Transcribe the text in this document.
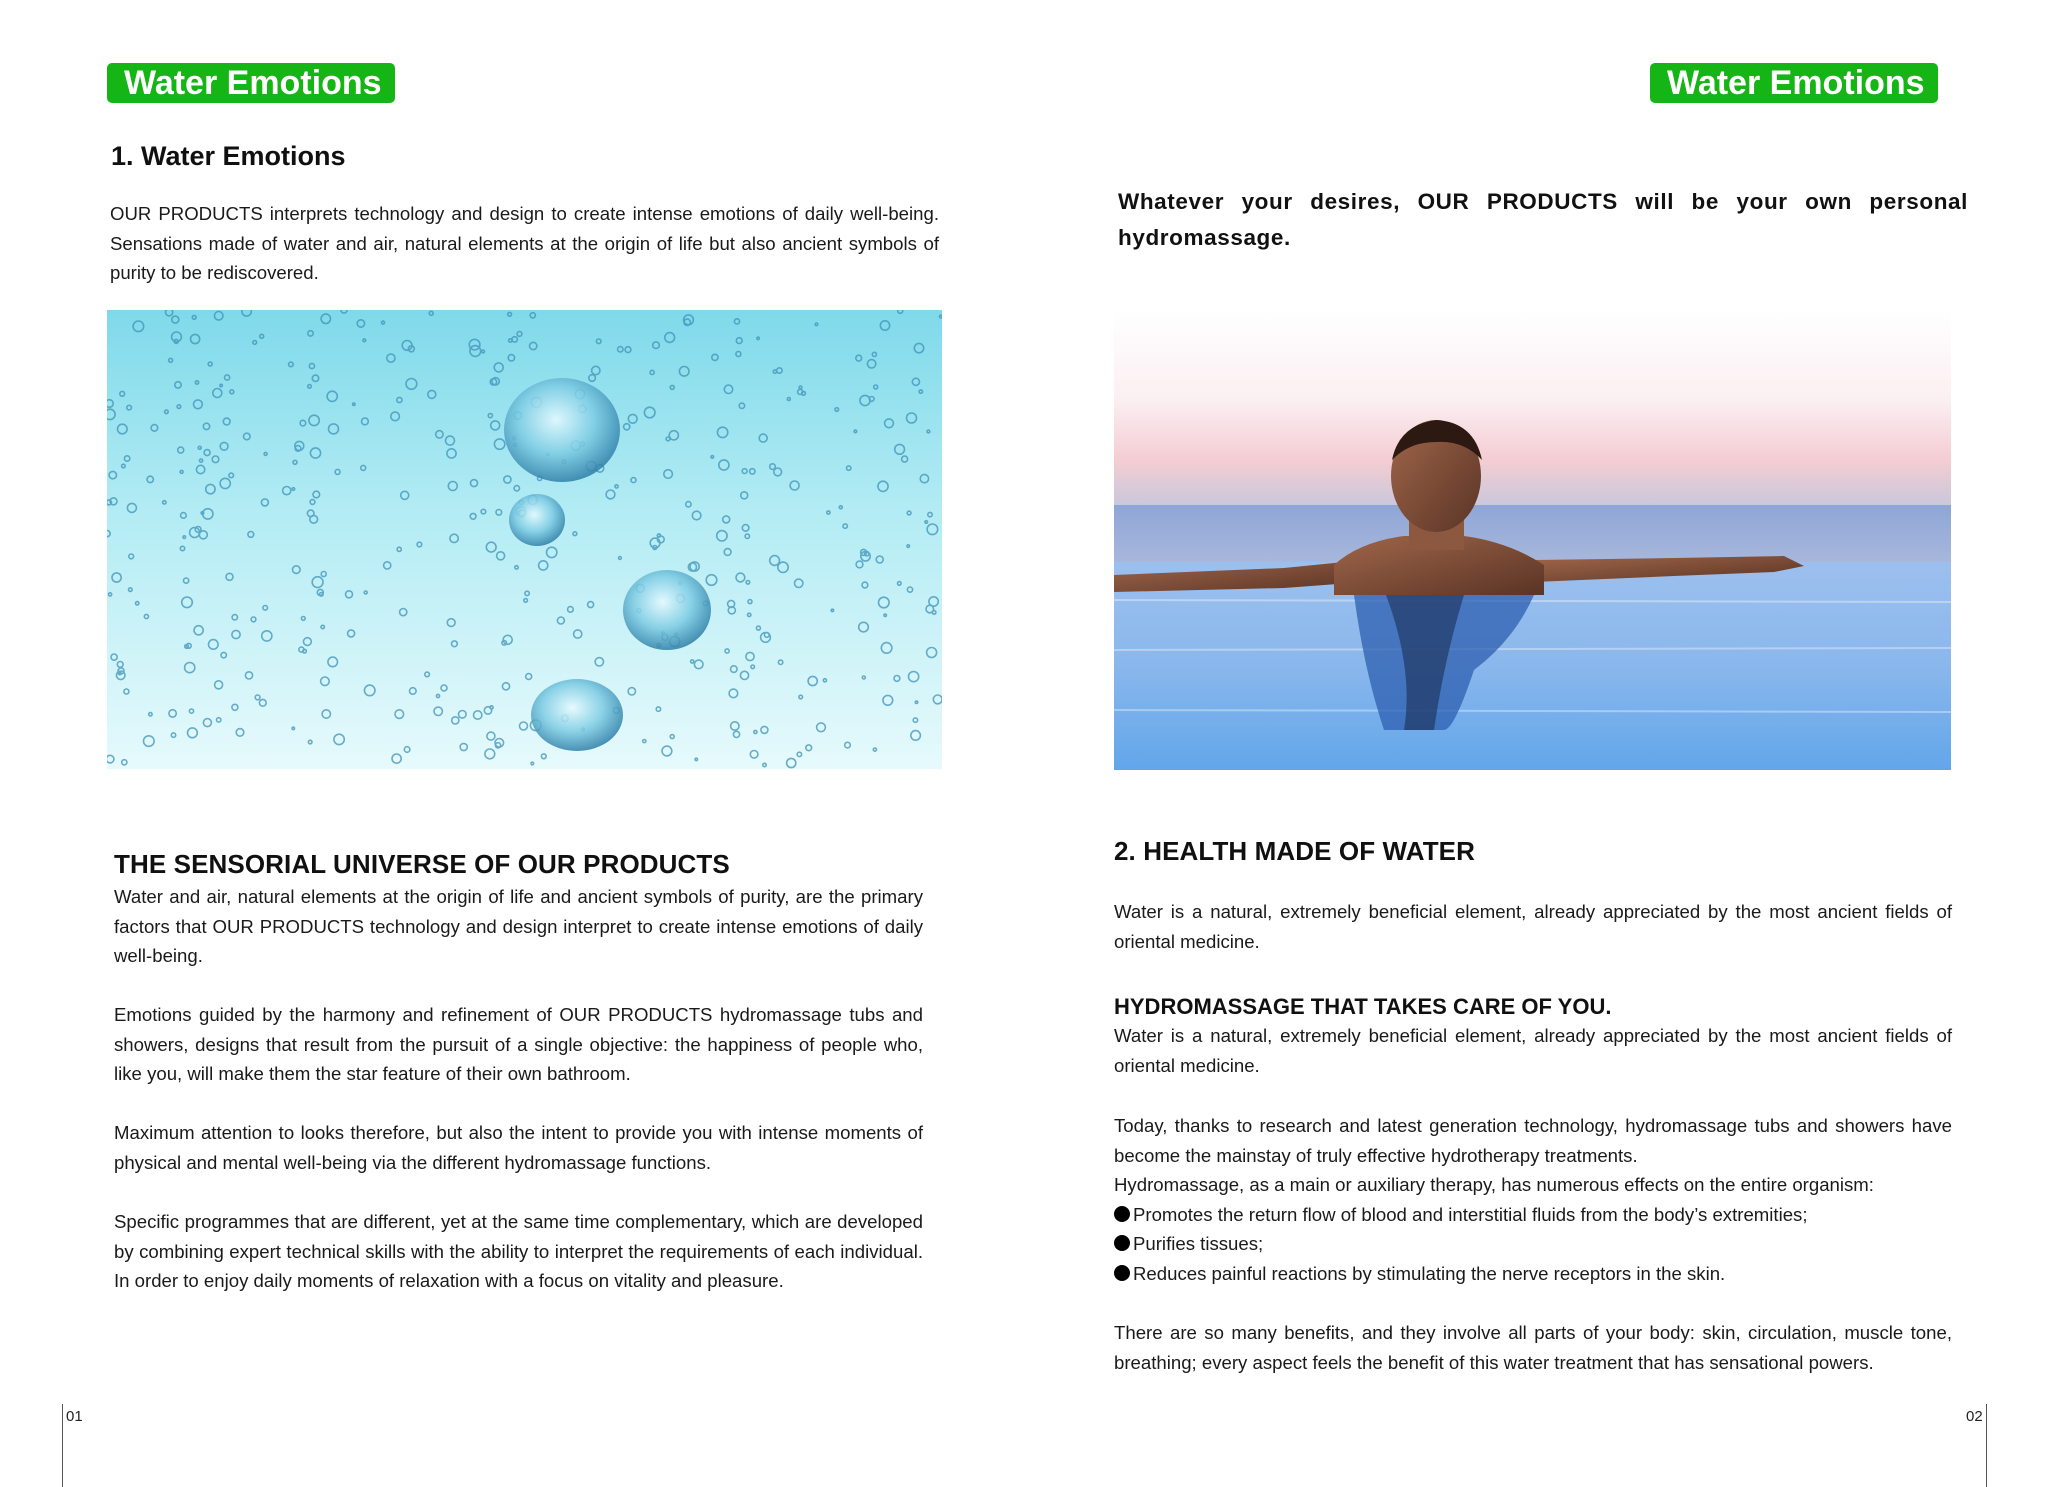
Water Emotions
1. Water Emotions

OUR PRODUCTS interprets technology and design to create intense emotions of daily well-being. Sensations made of water and air, natural elements at the origin of life but also ancient symbols of purity to be rediscovered.

THE SENSORIAL UNIVERSE OF OUR PRODUCTS

Water and air, natural elements at the origin of life and ancient symbols of purity, are the primary factors that OUR PRODUCTS technology and design interpret to create intense emotions of daily well-being.

Emotions guided by the harmony and refinement of OUR PRODUCTS hydromassage tubs and showers, designs that result from the pursuit of a single objective: the happiness of people who, like you, will make them the star feature of their own bathroom.

Maximum attention to looks therefore, but also the intent to provide you with intense moments of physical and mental well-being via the different hydromassage functions.

Specific programmes that are different, yet at the same time complementary, which are developed by combining expert technical skills with the ability to interpret the requirements of each individual. In order to enjoy daily moments of relaxation with a focus on vitality and pleasure.

01
Water Emotions

Whatever your desires, OUR PRODUCTS will be your own personal hydromassage.

2. HEALTH MADE OF WATER

Water is a natural, extremely beneficial element, already appreciated by the most ancient fields of oriental medicine.

HYDROMASSAGE THAT TAKES CARE OF YOU.

Water is a natural, extremely beneficial element, already appreciated by the most ancient fields of oriental medicine.

Today, thanks to research and latest generation technology, hydromassage tubs and showers have become the mainstay of truly effective hydrotherapy treatments.

Hydromassage, as a main or auxiliary therapy, has numerous effects on the entire organism:

Promotes the return flow of blood and interstitial fluids from the body’s extremities;
Purifies tissues;
Reduces painful reactions by stimulating the nerve receptors in the skin.

There are so many benefits, and they involve all parts of your body: skin, circulation, muscle tone, breathing; every aspect feels the benefit of this water treatment that has sensational powers.

02
